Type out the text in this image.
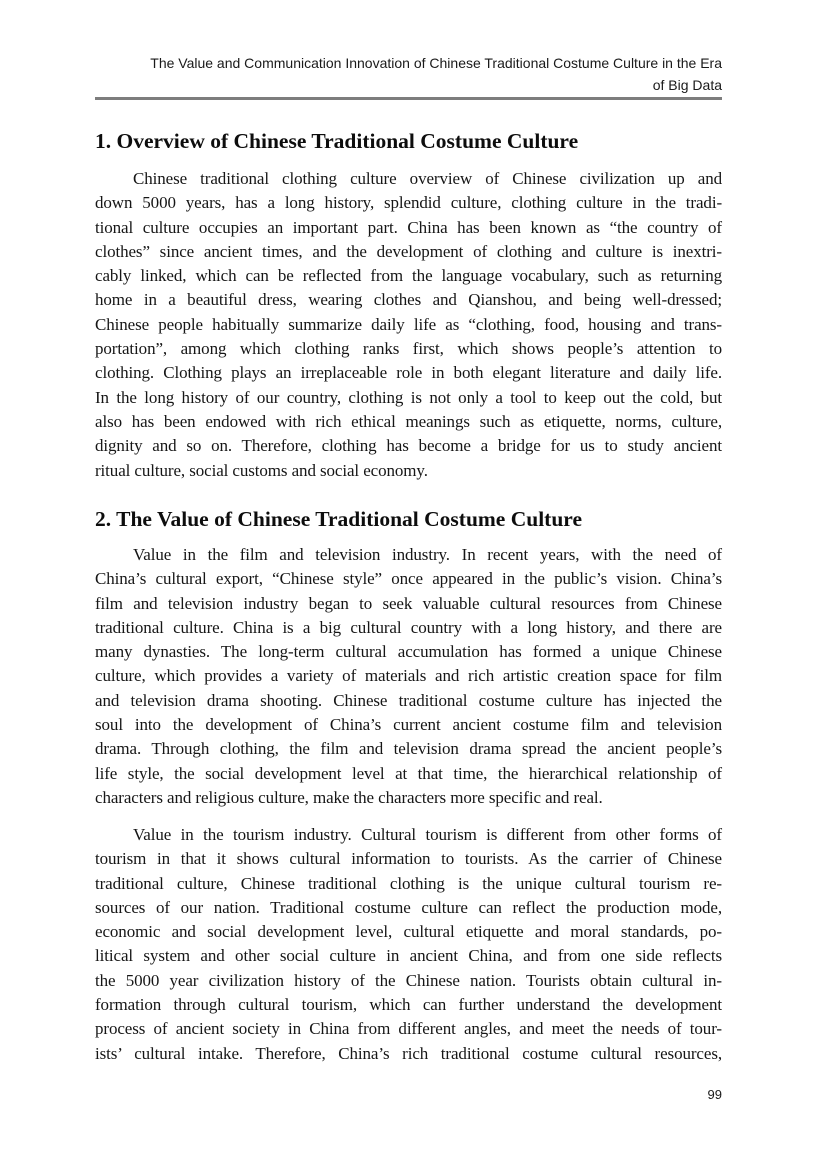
The Value and Communication Innovation of Chinese Traditional Costume Culture in the Era
of Big Data
1. Overview of Chinese Traditional Costume Culture
Chinese traditional clothing culture overview of Chinese civilization up and
down 5000 years, has a long history, splendid culture, clothing culture in the tradi-
tional culture occupies an important part. China has been known as “the country of
clothes” since ancient times, and the development of clothing and culture is inextri-
cably linked, which can be reflected from the language vocabulary, such as returning
home in a beautiful dress, wearing clothes and Qianshou, and being well-dressed;
Chinese people habitually summarize daily life as “clothing, food, housing and trans-
portation”, among which clothing ranks first, which shows people’s attention to
clothing. Clothing plays an irreplaceable role in both elegant literature and daily life.
In the long history of our country, clothing is not only a tool to keep out the cold, but
also has been endowed with rich ethical meanings such as etiquette, norms, culture,
dignity and so on. Therefore, clothing has become a bridge for us to study ancient
ritual culture, social customs and social economy.
2. The Value of Chinese Traditional Costume Culture
Value in the film and television industry. In recent years, with the need of
China’s cultural export, “Chinese style” once appeared in the public’s vision. China’s
film and television industry began to seek valuable cultural resources from Chinese
traditional culture. China is a big cultural country with a long history, and there are
many dynasties. The long-term cultural accumulation has formed a unique Chinese
culture, which provides a variety of materials and rich artistic creation space for film
and television drama shooting. Chinese traditional costume culture has injected the
soul into the development of China’s current ancient costume film and television
drama. Through clothing, the film and television drama spread the ancient people’s
life style, the social development level at that time, the hierarchical relationship of
characters and religious culture, make the characters more specific and real.
Value in the tourism industry. Cultural tourism is different from other forms of
tourism in that it shows cultural information to tourists. As the carrier of Chinese
traditional culture, Chinese traditional clothing is the unique cultural tourism re-
sources of our nation. Traditional costume culture can reflect the production mode,
economic and social development level, cultural etiquette and moral standards, po-
litical system and other social culture in ancient China, and from one side reflects
the 5000 year civilization history of the Chinese nation. Tourists obtain cultural in-
formation through cultural tourism, which can further understand the development
process of ancient society in China from different angles, and meet the needs of tour-
ists’ cultural intake. Therefore, China’s rich traditional costume cultural resources,
99
